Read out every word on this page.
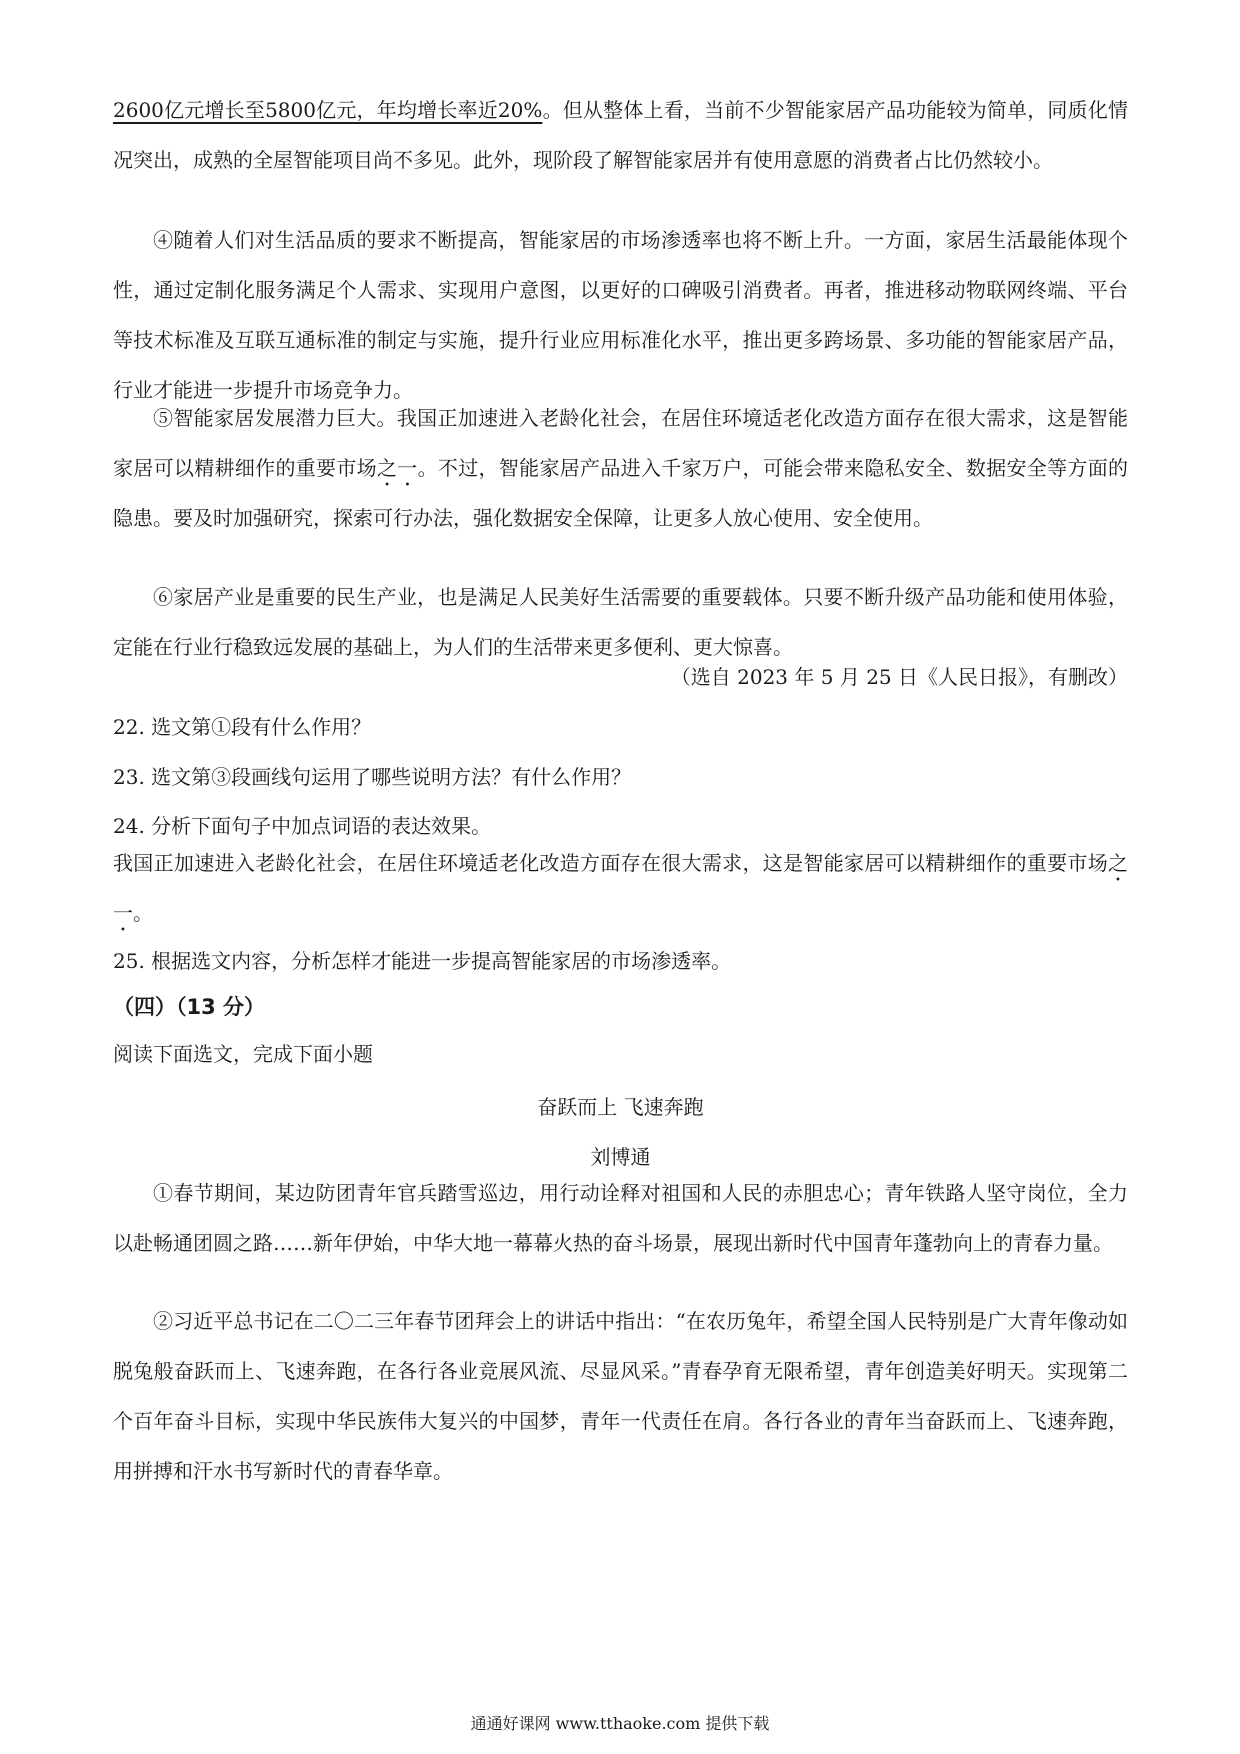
2600亿元增长至5800亿元，年均增长率近20%。但从整体上看，当前不少智能家居产品功能较为简单，同质化情况突出，成熟的全屋智能项目尚不多见。此外，现阶段了解智能家居并有使用意愿的消费者占比仍然较小。

④随着人们对生活品质的要求不断提高，智能家居的市场渗透率也将不断上升。一方面，家居生活最能体现个性，通过定制化服务满足个人需求、实现用户意图，以更好的口碑吸引消费者。再者，推进移动物联网终端、平台等技术标准及互联互通标准的制定与实施，提升行业应用标准化水平，推出更多跨场景、多功能的智能家居产品，行业才能进一步提升市场竞争力。

⑤智能家居发展潜力巨大。我国正加速进入老龄化社会，在居住环境适老化改造方面存在很大需求，这是智能家居可以精耕细作的重要市场之一。不过，智能家居产品进入千家万户，可能会带来隐私安全、数据安全等方面的隐患。要及时加强研究，探索可行办法，强化数据安全保障，让更多人放心使用、安全使用。

⑥家居产业是重要的民生产业，也是满足人民美好生活需要的重要载体。只要不断升级产品功能和使用体验，定能在行业行稳致远发展的基础上，为人们的生活带来更多便利、更大惊喜。

（选自 2023 年 5 月 25 日《人民日报》，有删改）

22. 选文第①段有什么作用？

23. 选文第③段画线句运用了哪些说明方法？有什么作用？

24. 分析下面句子中加点词语的表达效果。

我国正加速进入老龄化社会，在居住环境适老化改造方面存在很大需求，这是智能家居可以精耕细作的重要市场之一。

25. 根据选文内容，分析怎样才能进一步提高智能家居的市场渗透率。

（四）（13 分）

阅读下面选文，完成下面小题

奋跃而上 飞速奔跑

刘博通

①春节期间，某边防团青年官兵踏雪巡边，用行动诠释对祖国和人民的赤胆忠心；青年铁路人坚守岗位，全力以赴畅通团圆之路……新年伊始，中华大地一幕幕火热的奋斗场景，展现出新时代中国青年蓬勃向上的青春力量。

②习近平总书记在二〇二三年春节团拜会上的讲话中指出：“在农历兔年，希望全国人民特别是广大青年像动如脱兔般奋跃而上、飞速奔跑，在各行各业竞展风流、尽显风采。”青春孕育无限希望，青年创造美好明天。实现第二个百年奋斗目标，实现中华民族伟大复兴的中国梦，青年一代责任在肩。各行各业的青年当奋跃而上、飞速奔跑，用拼搏和汗水书写新时代的青春华章。

通通好课网 www.tthaoke.com 提供下载
